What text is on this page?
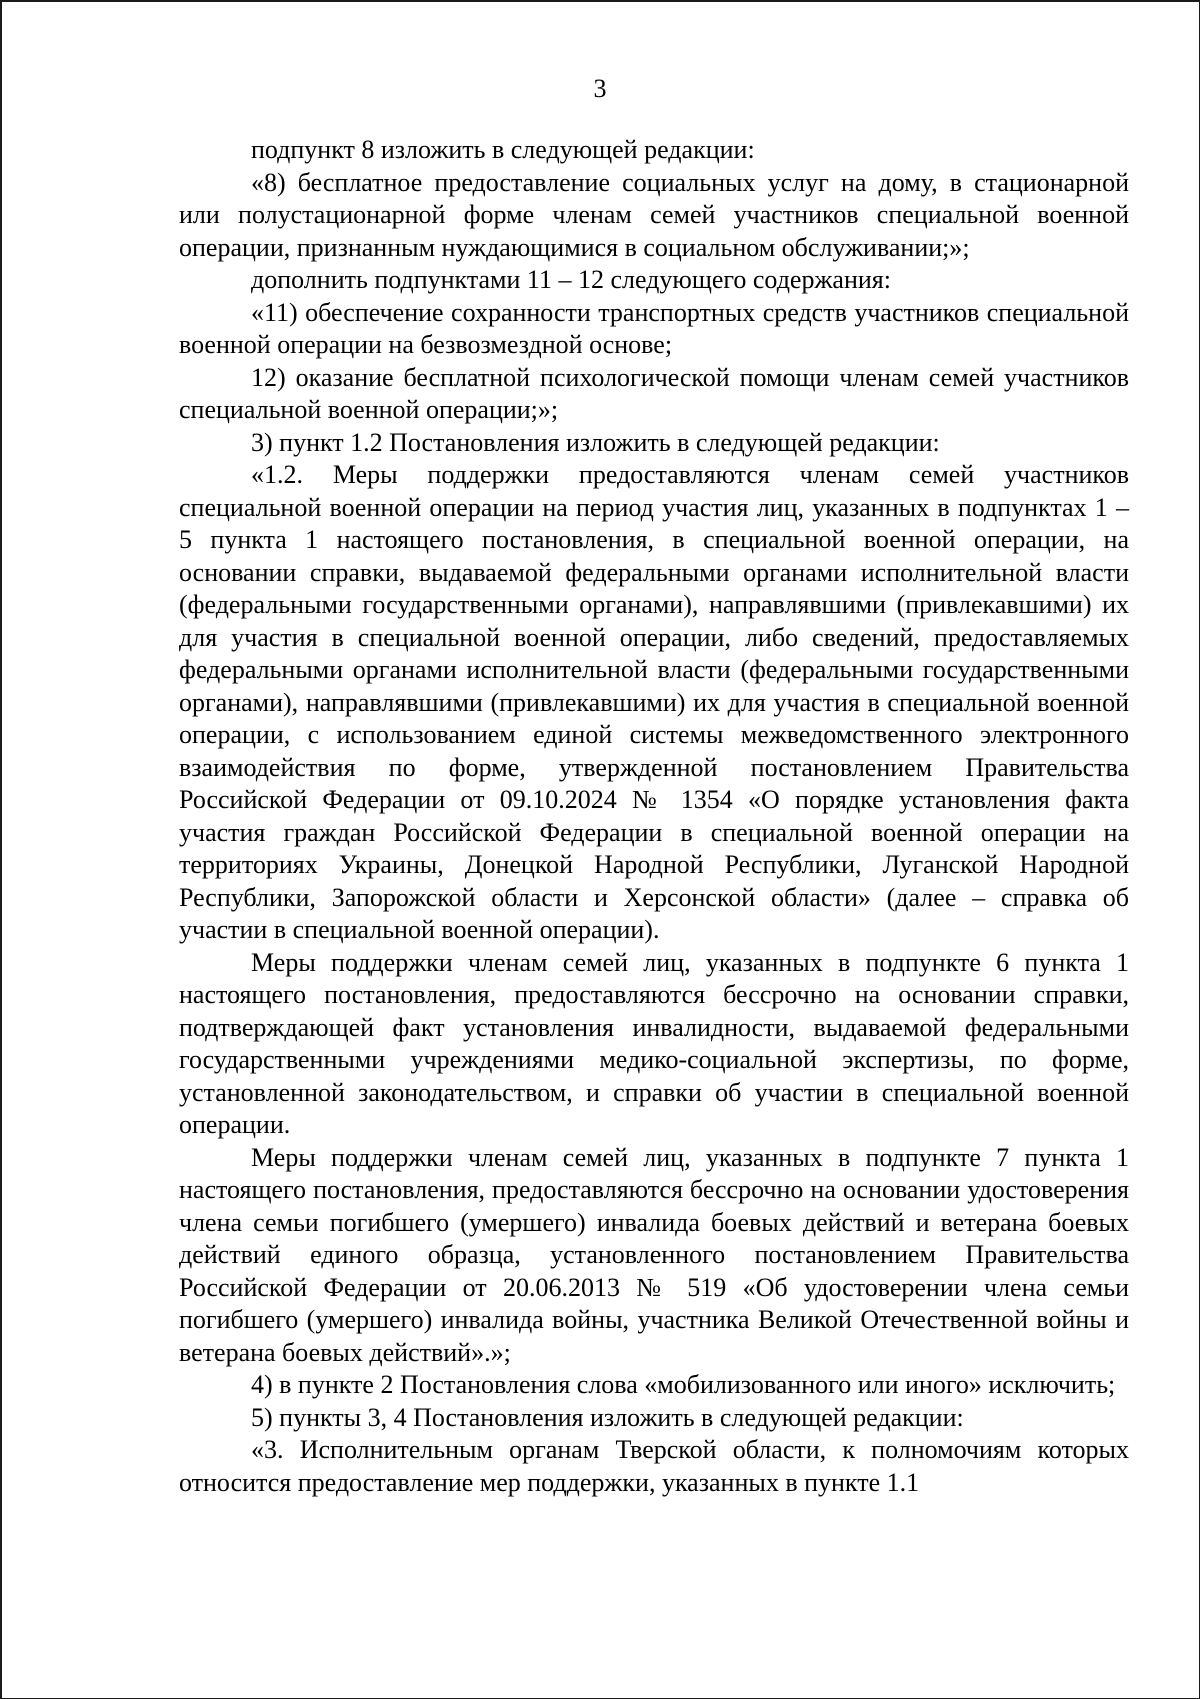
3

подпункт 8 изложить в следующей редакции:

«8) бесплатное предоставление социальных услуг на дому, в стационарной или полустационарной форме членам семей участников специальной военной операции, признанным нуждающимися в социальном обслуживании;»;

дополнить подпунктами 11 – 12 следующего содержания:

«11) обеспечение сохранности транспортных средств участников специальной военной операции на безвозмездной основе;

12) оказание бесплатной психологической помощи членам семей участников специальной военной операции;»;

3) пункт 1.2 Постановления изложить в следующей редакции:

«1.2. Меры поддержки предоставляются членам семей участников специальной военной операции на период участия лиц, указанных в подпунктах 1 – 5 пункта 1 настоящего постановления, в специальной военной операции, на основании справки, выдаваемой федеральными органами исполнительной власти (федеральными государственными органами), направлявшими (привлекавшими) их для участия в специальной военной операции, либо сведений, предоставляемых федеральными органами исполнительной власти (федеральными государственными органами), направлявшими (привлекавшими) их для участия в специальной военной операции, с использованием единой системы межведомственного электронного взаимодействия по форме, утвержденной постановлением Правительства Российской Федерации от 09.10.2024 № 1354 «О порядке установления факта участия граждан Российской Федерации в специальной военной операции на территориях Украины, Донецкой Народной Республики, Луганской Народной Республики, Запорожской области и Херсонской области» (далее – справка об участии в специальной военной операции).

Меры поддержки членам семей лиц, указанных в подпункте 6 пункта 1 настоящего постановления, предоставляются бессрочно на основании справки, подтверждающей факт установления инвалидности, выдаваемой федеральными государственными учреждениями медико-социальной экспертизы, по форме, установленной законодательством, и справки об участии в специальной военной операции.

Меры поддержки членам семей лиц, указанных в подпункте 7 пункта 1 настоящего постановления, предоставляются бессрочно на основании удостоверения члена семьи погибшего (умершего) инвалида боевых действий и ветерана боевых действий единого образца, установленного постановлением Правительства Российской Федерации от 20.06.2013 № 519 «Об удостоверении члена семьи погибшего (умершего) инвалида войны, участника Великой Отечественной войны и ветерана боевых действий».»;

4) в пункте 2 Постановления слова «мобилизованного или иного» исключить;

5) пункты 3, 4 Постановления изложить в следующей редакции:

«3. Исполнительным органам Тверской области, к полномочиям которых относится предоставление мер поддержки, указанных в пункте 1.1
